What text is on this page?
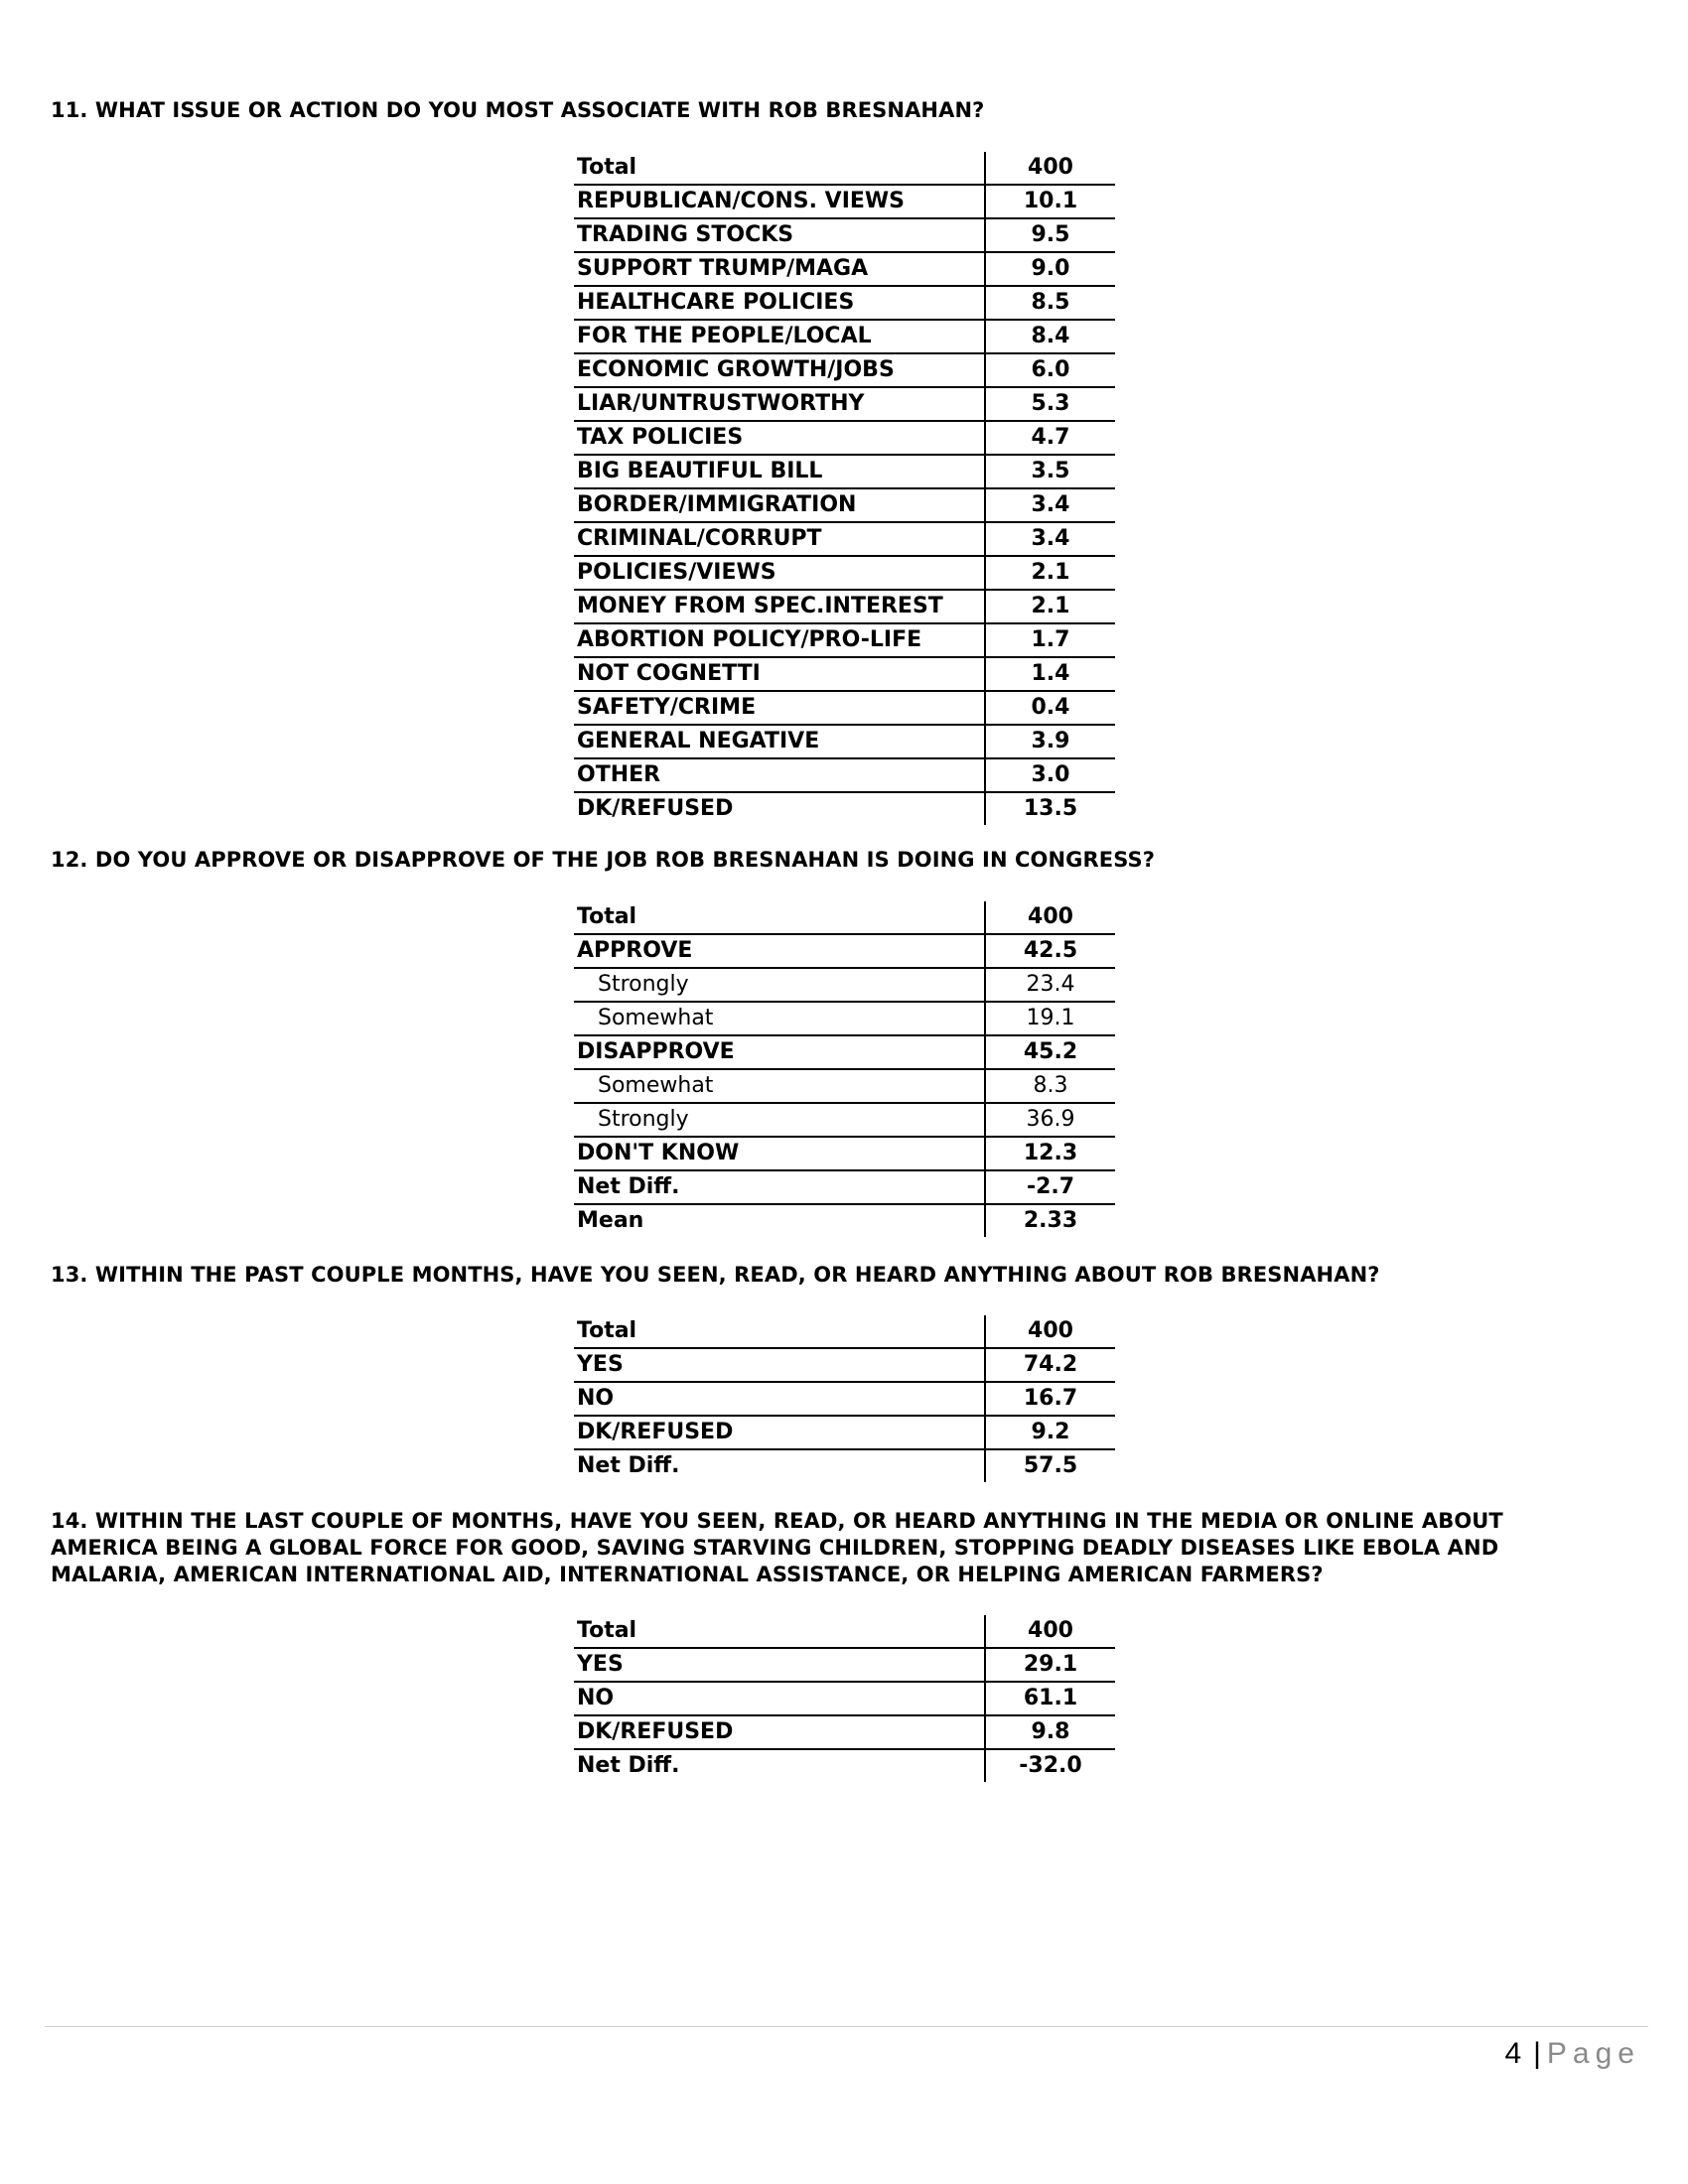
11. WHAT ISSUE OR ACTION DO YOU MOST ASSOCIATE WITH ROB BRESNAHAN?
Total	400
REPUBLICAN/CONS. VIEWS	10.1
TRADING STOCKS	9.5
SUPPORT TRUMP/MAGA	9.0
HEALTHCARE POLICIES	8.5
FOR THE PEOPLE/LOCAL	8.4
ECONOMIC GROWTH/JOBS	6.0
LIAR/UNTRUSTWORTHY	5.3
TAX POLICIES	4.7
BIG BEAUTIFUL BILL	3.5
BORDER/IMMIGRATION	3.4
CRIMINAL/CORRUPT	3.4
POLICIES/VIEWS	2.1
MONEY FROM SPEC.INTEREST	2.1
ABORTION POLICY/PRO-LIFE	1.7
NOT COGNETTI	1.4
SAFETY/CRIME	0.4
GENERAL NEGATIVE	3.9
OTHER	3.0
DK/REFUSED	13.5
12. DO YOU APPROVE OR DISAPPROVE OF THE JOB ROB BRESNAHAN IS DOING IN CONGRESS?
Total	400
APPROVE	42.5
Strongly	23.4
Somewhat	19.1
DISAPPROVE	45.2
Somewhat	8.3
Strongly	36.9
DON'T KNOW	12.3
Net Diff.	-2.7
Mean	2.33
13. WITHIN THE PAST COUPLE MONTHS, HAVE YOU SEEN, READ, OR HEARD ANYTHING ABOUT ROB BRESNAHAN?
Total	400
YES	74.2
NO	16.7
DK/REFUSED	9.2
Net Diff.	57.5
14. WITHIN THE LAST COUPLE OF MONTHS, HAVE YOU SEEN, READ, OR HEARD ANYTHING IN THE MEDIA OR ONLINE ABOUT
AMERICA BEING A GLOBAL FORCE FOR GOOD, SAVING STARVING CHILDREN, STOPPING DEADLY DISEASES LIKE EBOLA AND
MALARIA, AMERICAN INTERNATIONAL AID, INTERNATIONAL ASSISTANCE, OR HELPING AMERICAN FARMERS?
Total	400
YES	29.1
NO	61.1
DK/REFUSED	9.8
Net Diff.	-32.0
4 | Page
